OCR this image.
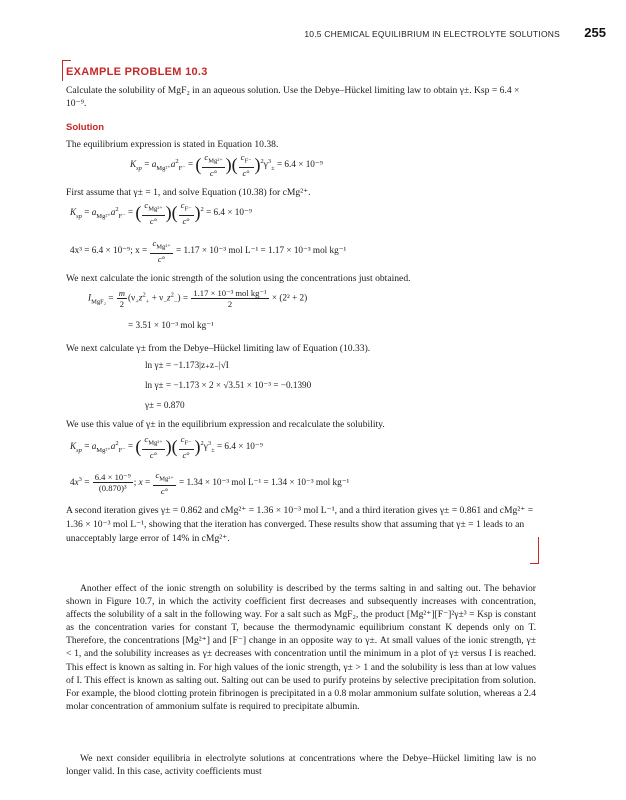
10.5 CHEMICAL EQUILIBRIUM IN ELECTROLYTE SOLUTIONS 255
EXAMPLE PROBLEM 10.3
Calculate the solubility of MgF₂ in an aqueous solution. Use the Debye–Hückel limiting law to obtain γ±. Ksp = 6.4 × 10⁻⁹.
Solution
The equilibrium expression is stated in Equation 10.38.
$K_{sp} = a_{Mg^{2+}}a^2_{F^-}$ = ( $\frac{c_{Mg^{2+}}}{c^\circ}$ )( $\frac{c_{F^-}}{c^\circ} )^2\gamma^3_\pm = 6.4 \times 10^{-9}$
First assume that γ± = 1, and solve Equation (10.38) for cMg²⁺.
$K_{sp} = a_{Mg^{2+}}a^2_{F^-}$ = ( $\frac{c_{Mg^{2+}}}{c^\circ}$ )( $\frac{c_{F^-}}{c^\circ} )^2 = 6.4 \times 10^{-9}$
4x³ = 6.4 × 10⁻⁹; $x = \frac{c_{Mg^{2+}}}{c^\circ} = 1.17 \times 10^{-3}$ mol L⁻¹ = 1.17 × 10⁻³ mol kg⁻¹
We next calculate the ionic strength of the solution using the concentrations just obtained.
$I_{MgF_2} = \frac{m}{2} (\nu_+z^2_+ + \nu_-z^2_-) = \frac{\text{1.17 × 10⁻³ mol kg⁻¹}}{2} \times (2^2 + 2)$
= 3.51 × 10⁻³ mol kg⁻¹
We next calculate γ± from the Debye–Hückel limiting law of Equation (10.33).
ln γ± = −1.173|z₊z₋|√I
ln γ± = −1.173 × 2 × √3.51 × 10⁻³ = −0.1390
γ± = 0.870
We use this value of γ± in the equilibrium expression and recalculate the solubility.
$K_{sp} = a_{Mg^{2+}}a^2_{F^-}$ = ( $\frac{c_{Mg^{2+}}}{c^\circ}$ )( $\frac{c_{F^-}}{c^\circ} )^2\gamma^3_\pm = 6.4 \times 10^{-9}$
$4x^3 = \frac{\text{6.4 × 10⁻⁹}}{\text{(0.870)³}}$ ; $x = \frac{c_{Mg^{2+}}}{c^\circ} = 1.34 \times 10^{-3}$ mol L⁻¹ = 1.34 × 10⁻³ mol kg⁻¹
A second iteration gives γ± = 0.862 and cMg²⁺ = 1.36 × 10⁻³ mol L⁻¹, and a third iteration gives γ± = 0.861 and cMg²⁺ = 1.36 × 10⁻³ mol L⁻¹, showing that the iteration has converged. These results show that assuming that γ± = 1 leads to an unacceptably large error of 14% in cMg²⁺.
Another effect of the ionic strength on solubility is described by the terms salting in and salting out. The behavior shown in Figure 10.7, in which the activity coefficient first decreases and subsequently increases with concentration, affects the solubility of a salt in the following way. For a salt such as MgF₂, the product [Mg²⁺][F⁻]²γ±³ = Ksp is constant as the concentration varies for constant T, because the thermodynamic equilibrium constant K depends only on T. Therefore, the concentrations [Mg²⁺] and [F⁻] change in an opposite way to γ±. At small values of the ionic strength, γ± < 1, and the solubility increases as γ± decreases with concentration until the minimum in a plot of γ± versus I is reached. This effect is known as salting in. For high values of the ionic strength, γ± > 1 and the solubility is less than at low values of I. This effect is known as salting out. Salting out can be used to purify proteins by selective precipitation from solution. For example, the blood clotting protein fibrinogen is precipitated in a 0.8 molar ammonium sulfate solution, whereas a 2.4 molar concentration of ammonium sulfate is required to precipitate albumin.
We next consider equilibria in electrolyte solutions at concentrations where the Debye–Hückel limiting law is no longer valid. In this case, activity coefficients must
